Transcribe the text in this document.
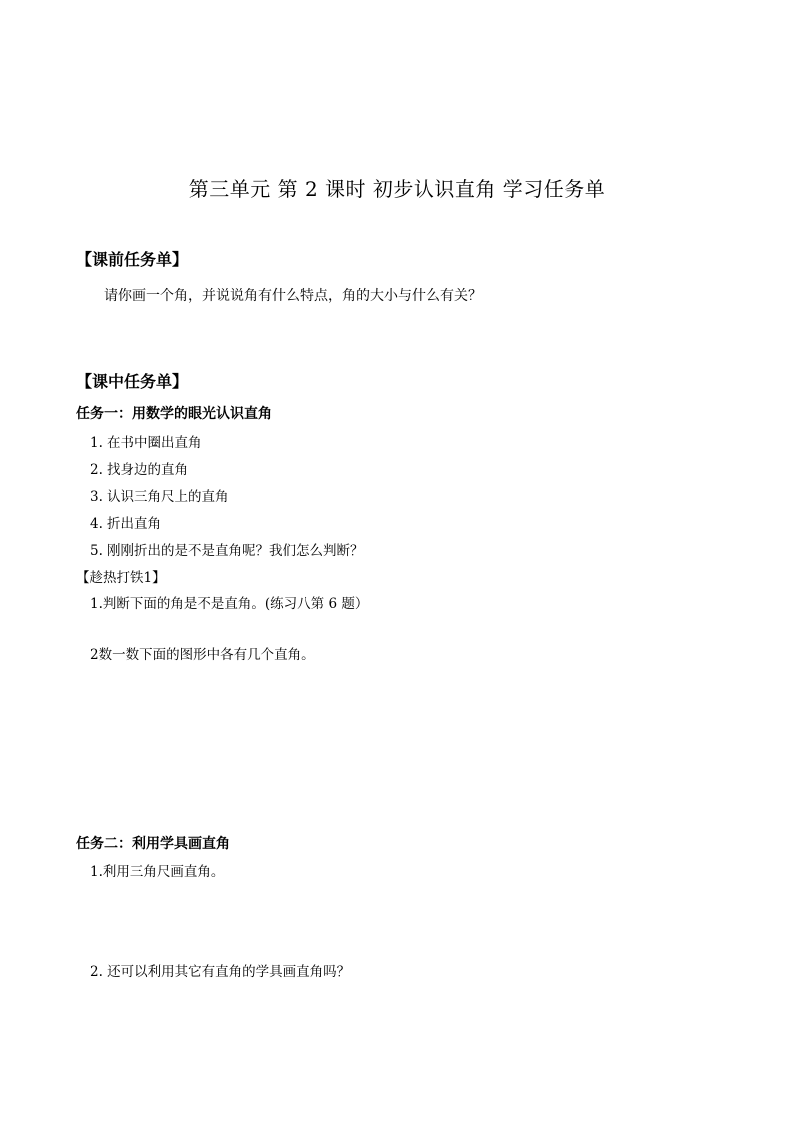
第三单元 第 2 课时 初步认识直角 学习任务单
【课前任务单】
请你画一个角，并说说角有什么特点，角的大小与什么有关？
【课中任务单】
任务一：用数学的眼光认识直角
1. 在书中圈出直角
2. 找身边的直角
3. 认识三角尺上的直角
4. 折出直角
5. 刚刚折出的是不是直角呢？我们怎么判断？
【趁热打铁1】
1.判断下面的角是不是直角。(练习八第 6 题）
2数一数下面的图形中各有几个直角。
任务二：利用学具画直角
1.利用三角尺画直角。
2. 还可以利用其它有直角的学具画直角吗？
